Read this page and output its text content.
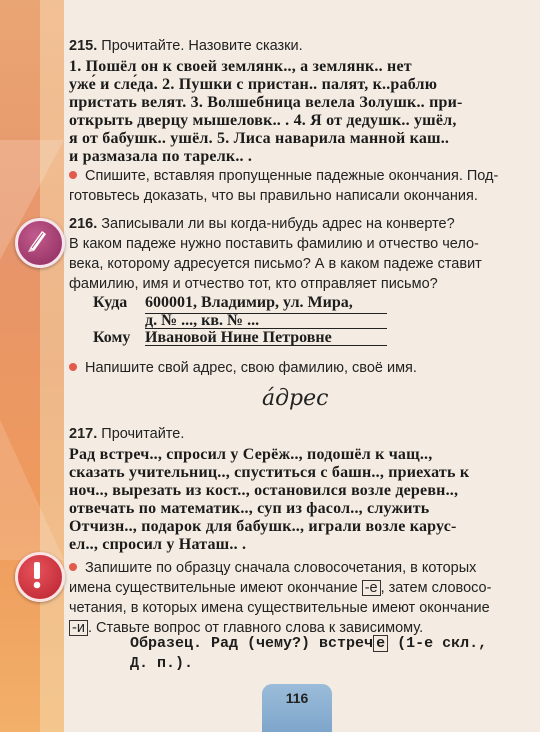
215. Прочитайте. Назовите сказки.
1. Пошёл он к своей землянк.., а землянк.. нет
уже́ и сле́да. 2. Пушки с пристан.. палят, к..раблю
пристать велят. 3. Волшебница велела Золушк.. при-
открыть дверцу мышеловк.. . 4. Я от дедушк.. ушёл,
я от бабушк.. ушёл. 5. Лиса наварила манной каш..
и размазала по тарелк.. .
Спишите, вставляя пропущенные падежные окончания. Под-
готовьтесь доказать, что вы правильно написали окончания.
216. Записывали ли вы когда-нибудь адрес на конверте?
В каком падеже нужно поставить фамилию и отчество чело-
века, которому адресуется письмо? А в каком падеже ставит
фамилию, имя и отчество тот, кто отправляет письмо?
Куда 600001, Владимир, ул. Мира,
д. № ..., кв. № ...
Кому Ивановой Нине Петровне
Напишите свой адрес, свою фамилию, своё имя.
а́дрес
217. Прочитайте.
Рад встреч.., спросил у Серёж.., подошёл к чащ..,
сказать учительниц.., спуститься с башн.., приехать к
ноч.., вырезать из кост.., остановился возле деревн..,
отвечать по математик.., суп из фасол.., служить
Отчизн.., подарок для бабушк.., играли возле карус-
ел.., спросил у Наташ.. .
Запишите по образцу сначала словосочетания, в которых
имена существительные имеют окончание -е , затем словосо-
четания, в которых имена существительные имеют окончание
-и . Ставьте вопрос от главного слова к зависимому.
Образец. Рад (чему?) встреч е (1-е скл.,
Д. п.).
116
